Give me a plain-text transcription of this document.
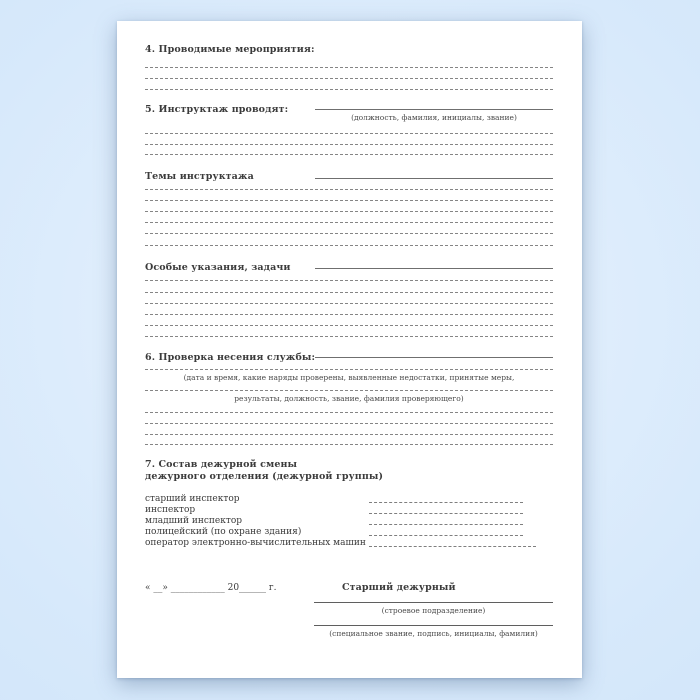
4. Проводимые мероприятия:
5. Инструктаж проводят:
(должность, фамилия, инициалы, звание)
Темы инструктажа
Особые указания, задачи
6. Проверка несения службы:
(дата и время, какие наряды проверены, выявленные недостатки, принятые меры,
результаты, должность, звание, фамилия проверяющего)
7. Состав дежурной смены
дежурного отделения (дежурной группы)
старший инспектор
инспектор
младший инспектор
полицейский (по охране здания)
оператор электронно-вычислительных машин
« __» ____________ 20______ г.	Старший дежурный
(строевое подразделение)
(специальное звание, подпись, инициалы, фамилия)
